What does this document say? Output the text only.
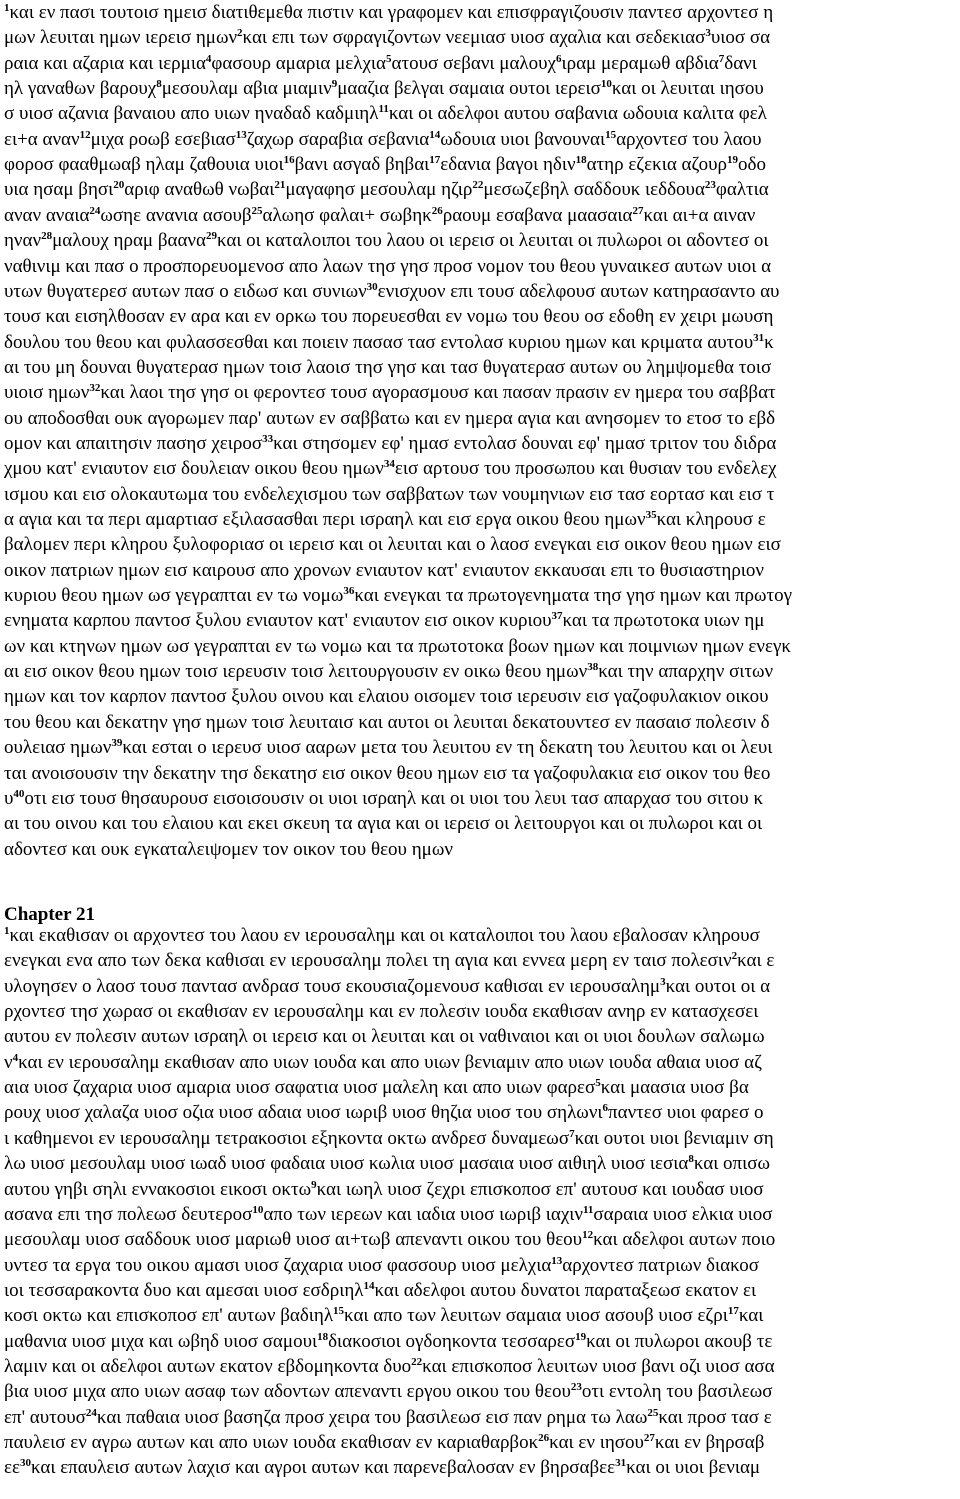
$^1$και εν πασι τουτοισ ημεισ διατιθεμεθα πιστιν και γραφομεν και επισφραγιζουσιν παντεσ αρχοντεσ η
μων λευιται ημων ιερεισ ημων$^2$και επι των σφραγιζοντων νεεμιασ υιοσ αχαλια και σεδεκιασ$^3$υιοσ σα
ραια και αζαρια και ιερμια$^4$φασουρ αμαρια μελχια$^5$ατουσ σεβανι μαλουχ$^6$ιραμ μεραμωθ αβδια$^7$δανι
ηλ γαναθων βαρουχ$^8$μεσουλαμ αβια μιαμιν$^9$μααζια βελγαι σαμαια ουτοι ιερεισ$^{10}$και οι λευιται ιησου
σ υιοσ αζανια βαναιου απο υιων ηναδαδ καδμιηλ$^{11}$και οι αδελφοι αυτου σαβανια ωδουια καλιτα φελ
ει+α αναν$^{12}$μιχα ροωβ εσεβιασ$^{13}$ζαχωρ σαραβια σεβανια$^{14}$ωδουια υιοι βανουναι$^{15}$αρχοντεσ του λαου
φοροσ φααθμωαβ ηλαμ ζαθουια υιοι$^{16}$βανι ασγαδ βηβαι$^{17}$εδανια βαγοι ηδιν$^{18}$ατηρ εζεκια αζουρ$^{19}$οδο
υια ησαμ βησι$^{20}$αριφ αναθωθ νωβαι$^{21}$μαγαφησ μεσουλαμ ηζιρ$^{22}$μεσωζεβηλ σαδδουκ ιεδδουα$^{23}$φαλτια
αναν αναια$^{24}$ωσηε ανανια ασουβ$^{25}$αλωησ φαλαι+ σωβηκ$^{26}$ραουμ εσαβανα μαασαια$^{27}$και αι+α αιναν
ηναν$^{28}$μαλουχ ηραμ βαανα$^{29}$και οι καταλοιποι του λαου οι ιερεισ οι λευιται οι πυλωροι οι αδοντεσ οι
ναθινιμ και πασ ο προσπορευομενοσ απο λαων τησ γησ προσ νομον του θεου γυναικεσ αυτων υιοι α
υτων θυγατερεσ αυτων πασ ο ειδωσ και συνιων$^{30}$ενισχυον επι τουσ αδελφουσ αυτων κατηρασαντο αυ
τουσ και εισηλθοσαν εν αρα και εν ορκω του πορευεσθαι εν νομω του θεου οσ εδοθη εν χειρι μωυση
δουλου του θεου και φυλασσεσθαι και ποιειν πασασ τασ εντολασ κυριου ημων και κριματα αυτου$^{31}$κ
αι του μη δουναι θυγατερασ ημων τοισ λαοισ τησ γησ και τασ θυγατερασ αυτων ου λημψομεθα τοισ
υιοισ ημων$^{32}$και λαοι τησ γησ οι φεροντεσ τουσ αγορασμουσ και πασαν πρασιν εν ημερα του σαββατ
ου αποδοσθαι ουκ αγορωμεν παρ' αυτων εν σαββατω και εν ημερα αγια και ανησομεν το ετοσ το εβδ
ομον και απαιτησιν πασησ χειροσ$^{33}$και στησομεν εφ' ημασ εντολασ δουναι εφ' ημασ τριτον του διδρα
χμου κατ' ενιαυτον εισ δουλειαν οικου θεου ημων$^{34}$εισ αρτουσ του προσωπου και θυσιαν του ενδελεχ
ισμου και εισ ολοκαυτωμα του ενδελεχισμου των σαββατων των νουμηνιων εισ τασ εορτασ και εισ τ
α αγια και τα περι αμαρτιασ εξιλασασθαι περι ισραηλ και εισ εργα οικου θεου ημων$^{35}$και κληρουσ ε
βαλομεν περι κληρου ξυλοφοριασ οι ιερεισ και οι λευιται και ο λαοσ ενεγκαι εισ οικον θεου ημων εισ
οικον πατριων ημων εισ καιρουσ απο χρονων ενιαυτον κατ' ενιαυτον εκκαυσαι επι το θυσιαστηριον
κυριου θεου ημων ωσ γεγραπται εν τω νομω$^{36}$και ενεγκαι τα πρωτογενηματα τησ γησ ημων και πρωτογ
ενηματα καρπου παντοσ ξυλου ενιαυτον κατ' ενιαυτον εισ οικον κυριου$^{37}$και τα πρωτοτοκα υιων ημ
ων και κτηνων ημων ωσ γεγραπται εν τω νομω και τα πρωτοτοκα βοων ημων και ποιμνιων ημων ενεγκ
αι εισ οικον θεου ημων τοισ ιερευσιν τοισ λειτουργουσιν εν οικω θεου ημων$^{38}$και την απαρχην σιτων
ημων και τον καρπον παντοσ ξυλου οινου και ελαιου οισομεν τοισ ιερευσιν εισ γαζοφυλακιον οικου
του θεου και δεκατην γησ ημων τοισ λευιταισ και αυτοι οι λευιται δεκατουντεσ εν πασαισ πολεσιν δ
ουλειασ ημων$^{39}$και εσται ο ιερευσ υιοσ ααρων μετα του λευιτου εν τη δεκατη του λευιτου και οι λευι
ται ανοισουσιν την δεκατην τησ δεκατησ εισ οικον θεου ημων εισ τα γαζοφυλακια εισ οικον του θεο
$\upsilon^{40}o\tau\iota$ εισ τουσ θησαυρουσ εισοισουσιν οι υιοι ισραηλ και οι υιοι του λευι τασ απαρχασ του σιτου κ
αι του οινου και του ελαιου και εκει σκευη τα αγια και οι ιερεισ οι λειτουργοι και οι πυλωροι και οι
αδοντεσ και ουκ εγκαταλειψομεν τον οικον του θεου ημων
Chapter 21
$^1$και εκαθισαν οι αρχοντεσ του λαου εν ιερουσαλημ και οι καταλοιποι του λαου εβαλοσαν κληρουσ
ενεγκαι ενα απο των δεκα καθισαι εν ιερουσαλημ πολει τη αγια και εννεα μερη εν ταισ πολεσιν$^2$και ε
υλογησεν ο λαοσ τουσ παντασ ανδρασ τουσ εκουσιαζομενουσ καθισαι εν ιερουσαλημ$^3$και ουτοι οι α
ρχοντεσ τησ χωρασ οι εκαθισαν εν ιερουσαλημ και εν πολεσιν ιουδα εκαθισαν ανηρ εν κατασχεσει
αυτου εν πολεσιν αυτων ισραηλ οι ιερεισ και οι λευιται και οι ναθιναιοι και οι υιοι δουλων σαλωμω
$\nu^4\kappa\alpha\iota$ εν ιερουσαλημ εκαθισαν απο υιων ιουδα και απο υιων βενιαμιν απο υιων ιουδα αθαια υιοσ αζ
αια υιοσ ζαχαρια υιοσ αμαρια υιοσ σαφατια υιοσ μαλελη και απο υιων φαρεσ$^5$και μαασια υιοσ βα
ρουχ υιοσ χαλαζα υιοσ οζια υιοσ αδαια υιοσ ιωριβ υιοσ θηζια υιοσ του σηλωνι$^6$παντεσ υιοι φαρεσ ο
ι καθημενοι εν ιερουσαλημ τετρακοσιοι εξηκοντα οκτω ανδρεσ δυναμεωσ$^7$και ουτοι υιοι βενιαμιν ση
λω υιοσ μεσουλαμ υιοσ ιωαδ υιοσ φαδαια υιοσ κωλια υιοσ μασαια υιοσ αιθιηλ υιοσ ιεσια$^8$και οπισω
αυτου γηβι σηλι εννακοσιοι εικοσι οκτω$^9$και ιωηλ υιοσ ζεχρι επισκοποσ επ' αυτουσ και ιουδασ υιοσ
ασανα επι τησ πολεωσ δευτεροσ$^{10}$απο των ιερεων και ιαδια υιοσ ιωριβ ιαχιν$^{11}$σαραια υιοσ ελκια υιοσ
μεσουλαμ υιοσ σαδδουκ υιοσ μαριωθ υιοσ αι+τωβ απεναντι οικου του θεου$^{12}$και αδελφοι αυτων ποιο
υντεσ τα εργα του οικου αμασι υιοσ ζαχαρια υιοσ φασσουρ υιοσ μελχια$^{13}$αρχοντεσ πατριων διακοσ
ιοι τεσσαρακοντα δυο και αμεσαι υιοσ εσδριηλ$^{14}$και αδελφοι αυτου δυνατοι παραταξεωσ εκατον ει
κοσι οκτω και επισκοποσ επ' αυτων βαδιηλ$^{15}$και απο των λευιτων σαμαια υιοσ ασουβ υιοσ εζρι$^{17}$και
μαθανια υιοσ μιχα και ωβηδ υιοσ σαμουι$^{18}$διακοσιοι ογδοηκοντα τεσσαρεσ$^{19}$και οι πυλωροι ακουβ τε
λαμιν και οι αδελφοι αυτων εκατον εβδομηκοντα δυο$^{22}$και επισκοποσ λευιτων υιοσ βανι οζι υιοσ ασα
βια υιοσ μιχα απο υιων ασαφ των αδοντων απεναντι εργου οικου του θεου$^{23}$οτι εντολη του βασιλεωσ
επ' αυτουσ$^{24}$και παθαια υιοσ βασηζα προσ χειρα του βασιλεωσ εισ παν ρημα τω λαω$^{25}$και προσ τασ ε
παυλεισ εν αγρω αυτων και απο υιων ιουδα εκαθισαν εν καριαθαρβοκ$^{26}$και εν ιησου$^{27}$και εν βηρσαβ
$\varepsilon\varepsilon^{30}\kappa\alpha\iota$ επαυλεισ αυτων λαχισ και αγροι αυτων και παρενεβαλοσαν εν βηρσαβεε$^{31}$και οι υιοι βενιαμ
